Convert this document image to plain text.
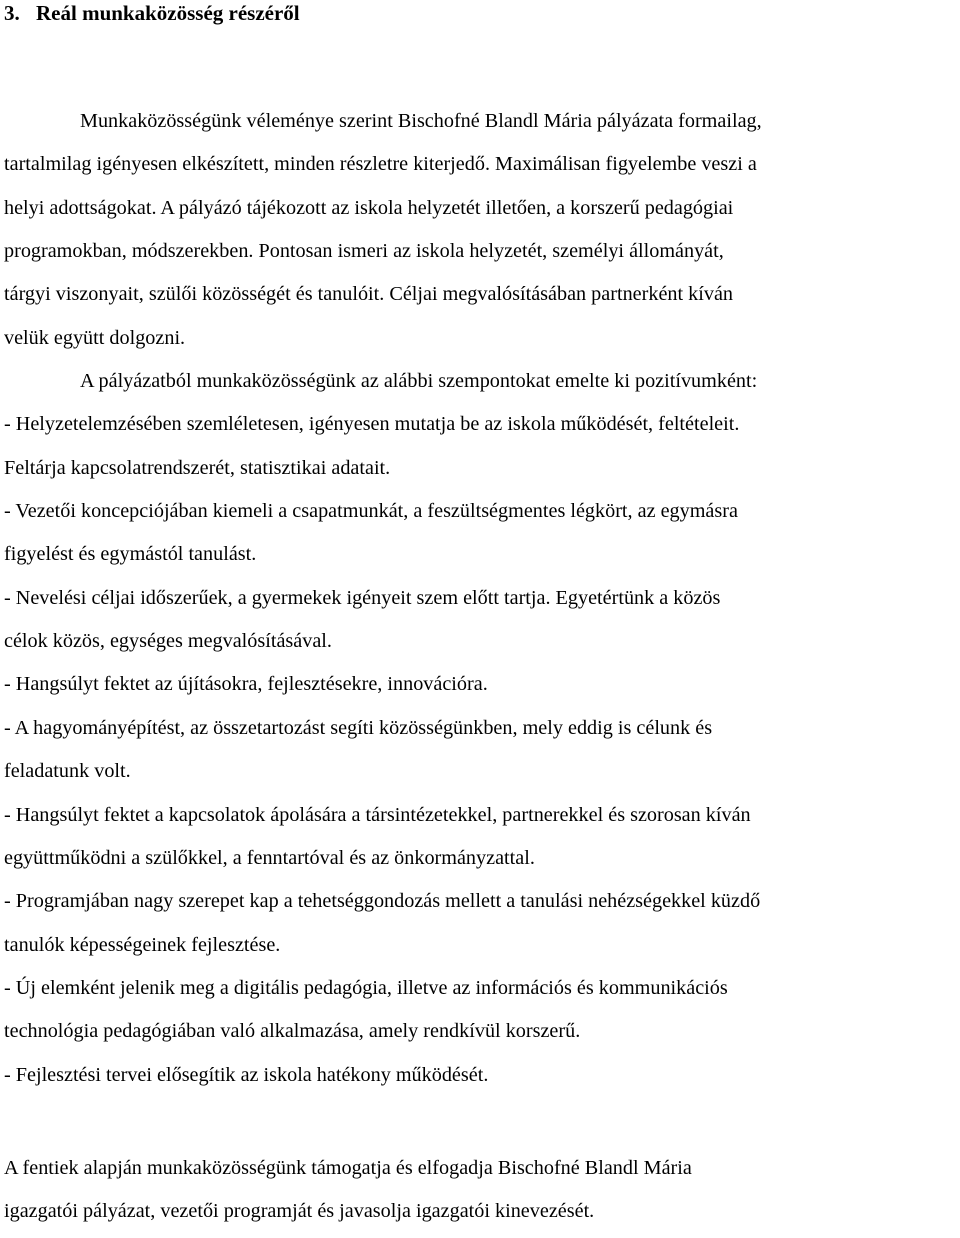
3. Reál munkaközösség részéről
Munkaközösségünk véleménye szerint Bischofné Blandl Mária pályázata formailag,
tartalmilag igényesen elkészített, minden részletre kiterjedő. Maximálisan figyelembe veszi a
helyi adottságokat. A pályázó tájékozott az iskola helyzetét illetően, a korszerű pedagógiai
programokban, módszerekben. Pontosan ismeri az iskola helyzetét, személyi állományát,
tárgyi viszonyait, szülői közösségét és tanulóit. Céljai megvalósításában partnerként kíván
velük együtt dolgozni.
A pályázatból munkaközösségünk az alábbi szempontokat emelte ki pozitívumként:
- Helyzetelemzésében szemléletesen, igényesen mutatja be az iskola működését, feltételeit.
Feltárja kapcsolatrendszerét, statisztikai adatait.
- Vezetői koncepciójában kiemeli a csapatmunkát, a feszültségmentes légkört, az egymásra
figyelést és egymástól tanulást.
- Nevelési céljai időszerűek, a gyermekek igényeit szem előtt tartja. Egyetértünk a közös
célok közös, egységes megvalósításával.
- Hangsúlyt fektet az újításokra, fejlesztésekre, innovációra.
- A hagyományépítést, az összetartozást segíti közösségünkben, mely eddig is célunk és
feladatunk volt.
- Hangsúlyt fektet a kapcsolatok ápolására a társintézetekkel, partnerekkel és szorosan kíván
együttműködni a szülőkkel, a fenntartóval és az önkormányzattal.
- Programjában nagy szerepet kap a tehetséggondozás mellett a tanulási nehézségekkel küzdő
tanulók képességeinek fejlesztése.
- Új elemként jelenik meg a digitális pedagógia, illetve az információs és kommunikációs
technológia pedagógiában való alkalmazása, amely rendkívül korszerű.
- Fejlesztési tervei elősegítik az iskola hatékony működését.
A fentiek alapján munkaközösségünk támogatja és elfogadja Bischofné Blandl Mária
igazgatói pályázat, vezetői programját és javasolja igazgatói kinevezését.
